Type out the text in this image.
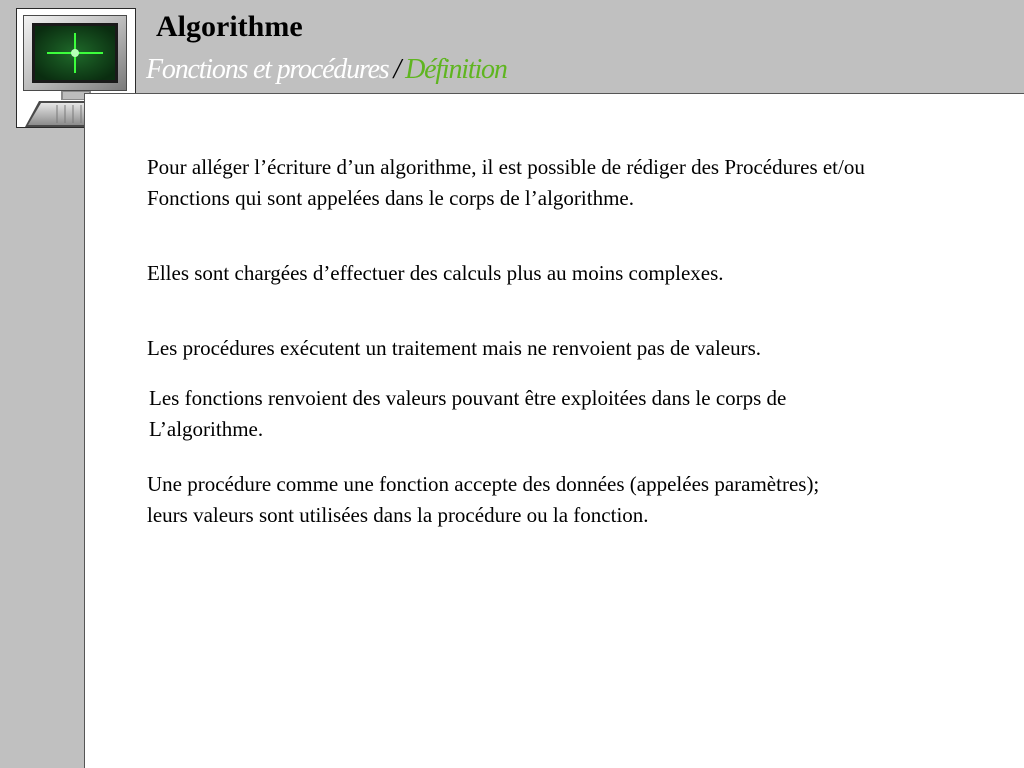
Algorithme
Fonctions et procédures / Définition

Pour alléger l’écriture d’un algorithme, il est possible de rédiger des Procédures et/ou
Fonctions qui sont appelées dans le corps de l’algorithme.

Elles sont chargées d’effectuer des calculs plus au moins complexes.

Les procédures exécutent un traitement mais ne renvoient pas de valeurs.

Les fonctions renvoient des valeurs pouvant être exploitées dans le corps de
L’algorithme.

Une procédure comme une fonction accepte des données (appelées paramètres);
leurs valeurs sont utilisées dans la procédure ou la fonction.
